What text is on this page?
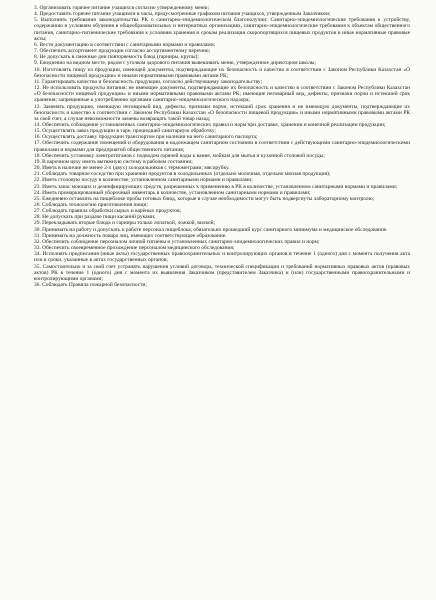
3. Организовать горячее питание учащихся согласно утвержденному меню;

4. Предоставить горячее питание учащимся в часы, предусмотренные графиком питания учащихся, утвержденным Заказчиком;

5. Выполнять требования законодательства РК о санитарно-эпидемиологическом благополучии: Санитарно-эпидемиологические требования к устройству, содержанию и условиям обучения в общеобразовательных и интернатных организациях, санитарно-эпидемиологические требования к объектам общественного питания, санитарно-гигиенические требования к условиям хранения и срокам реализации скоропортящихся пищевых продуктов и иные нормативные правовые акты;

6. Вести документацию в соответствии с санитарными нормами и правилами;

7. Обеспечить ассортимент продукции согласно ассортиментному перечню;

8. Не допускать в смежные дни повторяемость блюд (гарниры, крупы);

9. Ежедневно на видном месте, рядом с уголком здорового питания вывешивать меню, утвержденное директором школы;

10. Изготовлять пищу из продукции, имеющей документы, подтверждающие их безопасность и качество в соответствии с Законом Республики Казахстан «О безопасности пищевой продукции» и иными нормативными правовыми актами РК;

11. Гарантировать качество и безопасность продукции, согласно действующему законодательству;

12. Не использовать продукты питания: не имеющие документы, подтверждающие их безопасность и качество в соответствии с Законом Республики Казахстан «О безопасности пищевой продукции» и иными нормативными правовыми актами РК; имеющие неговарный вид, дефекты, признаки порчи и истекший срок хранения; запрещенные к употреблению органами санитарно-эпидемиологического надзора;

13. Заменять продукцию, имеющую неговарный вид, дефекты, признаки порчи, истекший срок хранения и не имеющую документы, подтверждающие их безопасность и качество в соответствии с Законом Республики Казахстан «О безопасности пищевой продукции» и иными нормативными правовыми актами РК за свой счет, а случае невозможности замены возвращать такой товар назад;

14. Обеспечить соблюдение установленных санитарно-эпидемиологических правил и норм при доставке, хранении и конечной реализации продукции;

15. Осуществлять завоз продукции в таре, прошедшей санитарную обработку;

16. Осуществлять доставку продукции транспортом при наличии на него санитарного паспорта;

17. Обеспечить содержание помещений и оборудования в надлежащем санитарном состоянии в соответствии с действующими санитарно-эпидемиологическими правилами и нормами для предприятий общественного питания;

18. Обеспечить установку электротитанов с подводом горячей воды к ванне, мойкам для мытья и кухонной столовой посуды;

19. В варочном цеху иметь вытяжную систему в рабочем состоянии;

20. Иметь в наличие не менее 2-х (двух) холодильников с термометрами; мясорубку.

21. Соблюдать товарное соседство при хранении продуктов в холодильниках (отдельно молочная, отдельно мясная продукция);

22. Иметь столовую посуду в количестве, установленном санитарными нормами и правилами;

23. Иметь запас моющих и дезинфицирующих средств, разрешенных к применению в РК в количестве, установленном санитарными нормами и правилами;

24. Иметь промаркированный уборочный инвентарь в количестве, установленном санитарными нормами и правилами;

25. Ежедневно оставлять на пищеблоке пробы готовых блюд, которые в случае необходимости могут быть подвергнуты лабораторному контролю;

26. Соблюдать технологию приготовления пищи;

27. Соблюдать правила обработки сырых и варёных продуктов;

28. Не допускать при раздаче пищи касаний руками;

29. Перекладывать вторые блюда и гарниры только лопаткой, ложкой, вилкой;

30. Принимать на работу и допускать к работе персонал пищеблока, обязательно прошедший курс санитарного минимума и медицинское обследование.

31. Принимать на должность повара лиц, имеющих соответствующее образование.

32. Обеспечить соблюдение персоналом личной гигиены и установленных санитарно-эпидемиологических правил и норм;

33. Обеспечить своевременное прохождение персоналом медицинского обследования;

34. Исполнять предписания (иные акты) государственных правоохранительных и контролирующих органов в течение 1 (одного) дня с момента получения акта или в сроки, указанные в актах государственных органов;

35. Самостоятельно и за свой счет устранять нарушения условий договора, технической спецификации и требований нормативных правовых актов (правовых актов) РК в течение 1 (одного) дня с момента их выявления Заказчиком (представителем Заказчика) и (или) государственными правоохранительными и контролирующими органами;

36. Соблюдать Правила пожарной безопасности;
